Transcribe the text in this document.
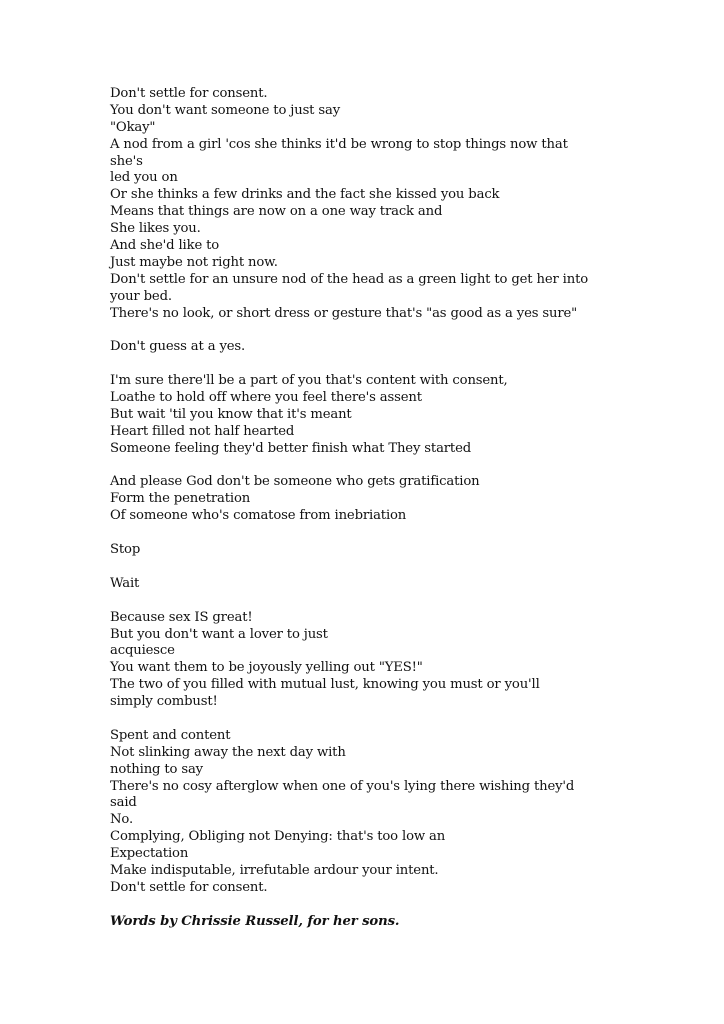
Don't settle for consent.
You don't want someone to just say
"Okay"
A nod from a girl 'cos she thinks it'd be wrong to stop things now that
she's
led you on
Or she thinks a few drinks and the fact she kissed you back
Means that things are now on a one way track and
She likes you.
And she'd like to
Just maybe not right now.
Don't settle for an unsure nod of the head as a green light to get her into
your bed.
There's no look, or short dress or gesture that's "as good as a yes sure"
Don't guess at a yes.
I'm sure there'll be a part of you that's content with consent,
Loathe to hold off where you feel there's assent
But wait 'til you know that it's meant
Heart filled not half hearted
Someone feeling they'd better finish what They started
And please God don't be someone who gets gratification
Form the penetration
Of someone who's comatose from inebriation
Stop
Wait
Because sex IS great!
But you don't want a lover to just
acquiesce
You want them to be joyously yelling out "YES!"
The two of you filled with mutual lust, knowing you must or you'll
simply combust!
Spent and content
Not slinking away the next day with
nothing to say
There's no cosy afterglow when one of you's lying there wishing they'd
said
No.
Complying, Obliging not Denying: that's too low an
Expectation
Make indisputable, irrefutable ardour your intent.
Don't settle for consent.
Words by Chrissie Russell, for her sons.
